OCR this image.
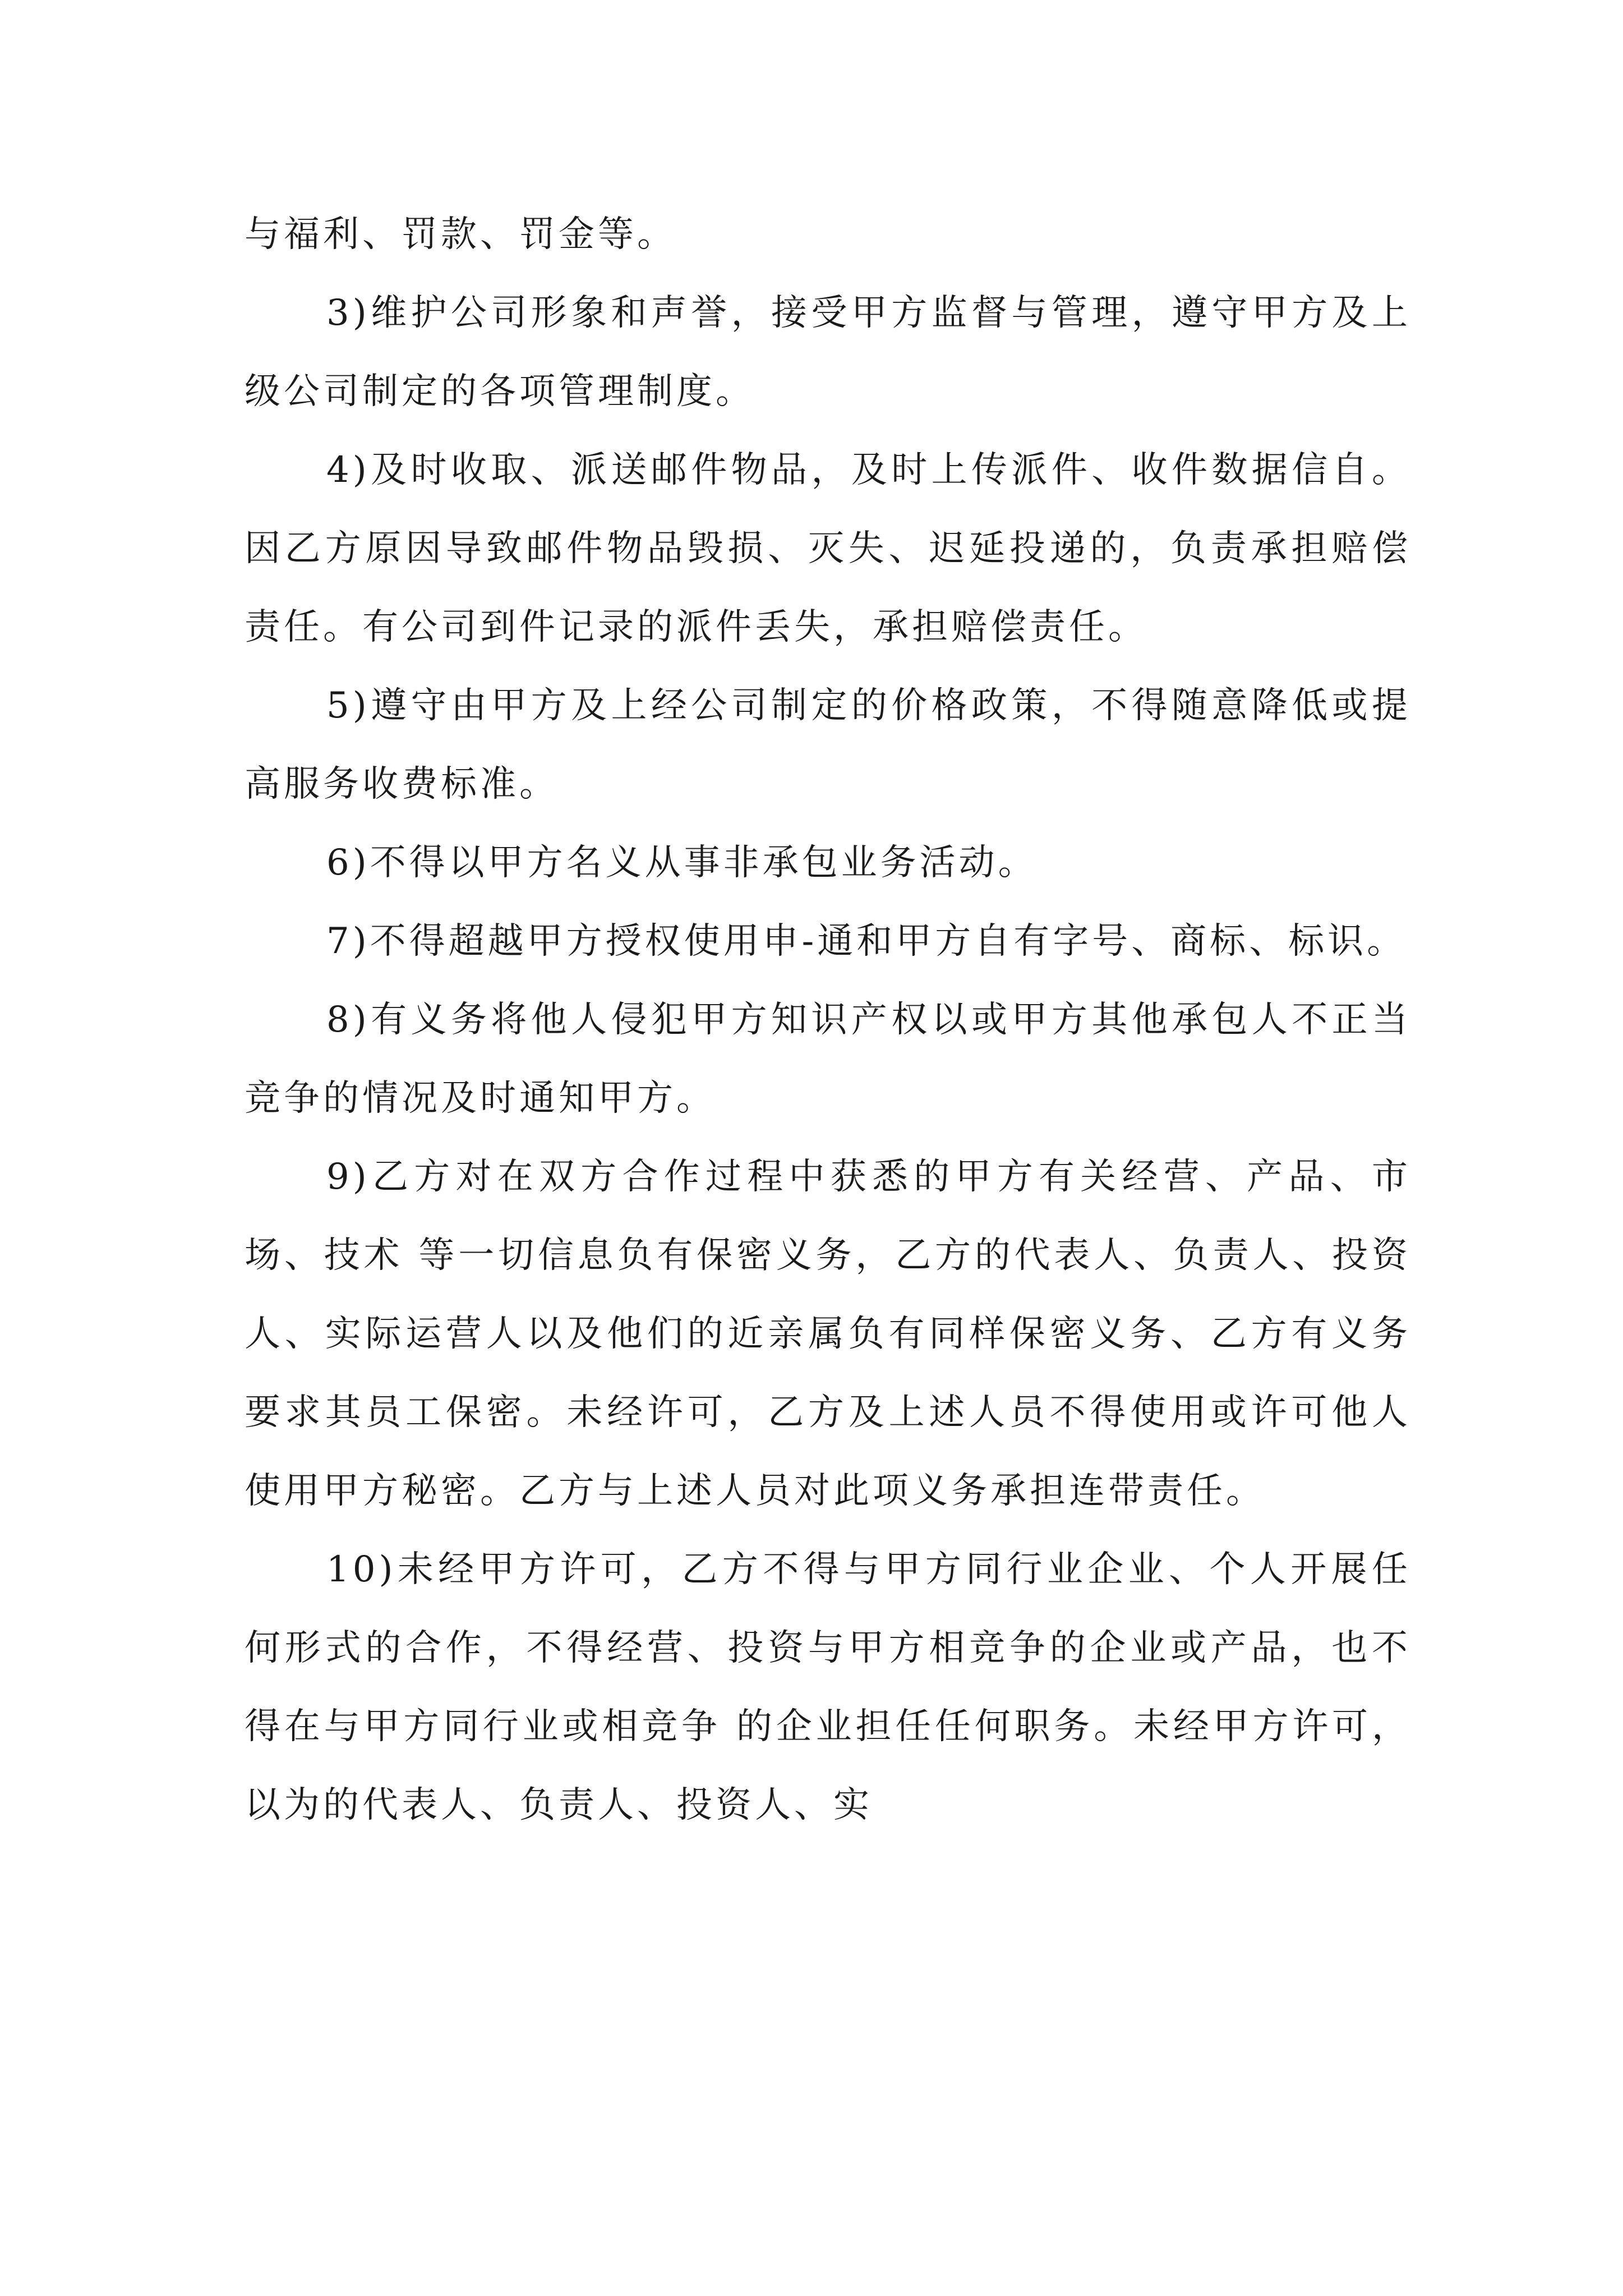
与福利、罚款、罚金等。

3)维护公司形象和声誉，接受甲方监督与管理，遵守甲方及上级公司制定的各项管理制度。

4)及时收取、派送邮件物品，及时上传派件、收件数据信自。因乙方原因导致邮件物品毁损、灭失、迟延投递的，负责承担赔偿责任。有公司到件记录的派件丢失，承担赔偿责任。

5)遵守由甲方及上经公司制定的价格政策，不得随意降低或提高服务收费标准。

6)不得以甲方名义从事非承包业务活动。

7)不得超越甲方授权使用申-通和甲方自有字号、商标、标识。

8)有义务将他人侵犯甲方知识产权以或甲方其他承包人不正当竞争的情况及时通知甲方。

9)乙方对在双方合作过程中获悉的甲方有关经营、产品、市场、技术 等一切信息负有保密义务，乙方的代表人、负责人、投资人、实际运营人以及他们的近亲属负有同样保密义务、乙方有义务要求其员工保密。未经许可，乙方及上述人员不得使用或许可他人使用甲方秘密。乙方与上述人员对此项义务承担连带责任。

10)未经甲方许可，乙方不得与甲方同行业企业、个人开展任何形式的合作，不得经营、投资与甲方相竞争的企业或产品，也不得在与甲方同行业或相竞争 的企业担任任何职务。未经甲方许可，以为的代表人、负责人、投资人、实
